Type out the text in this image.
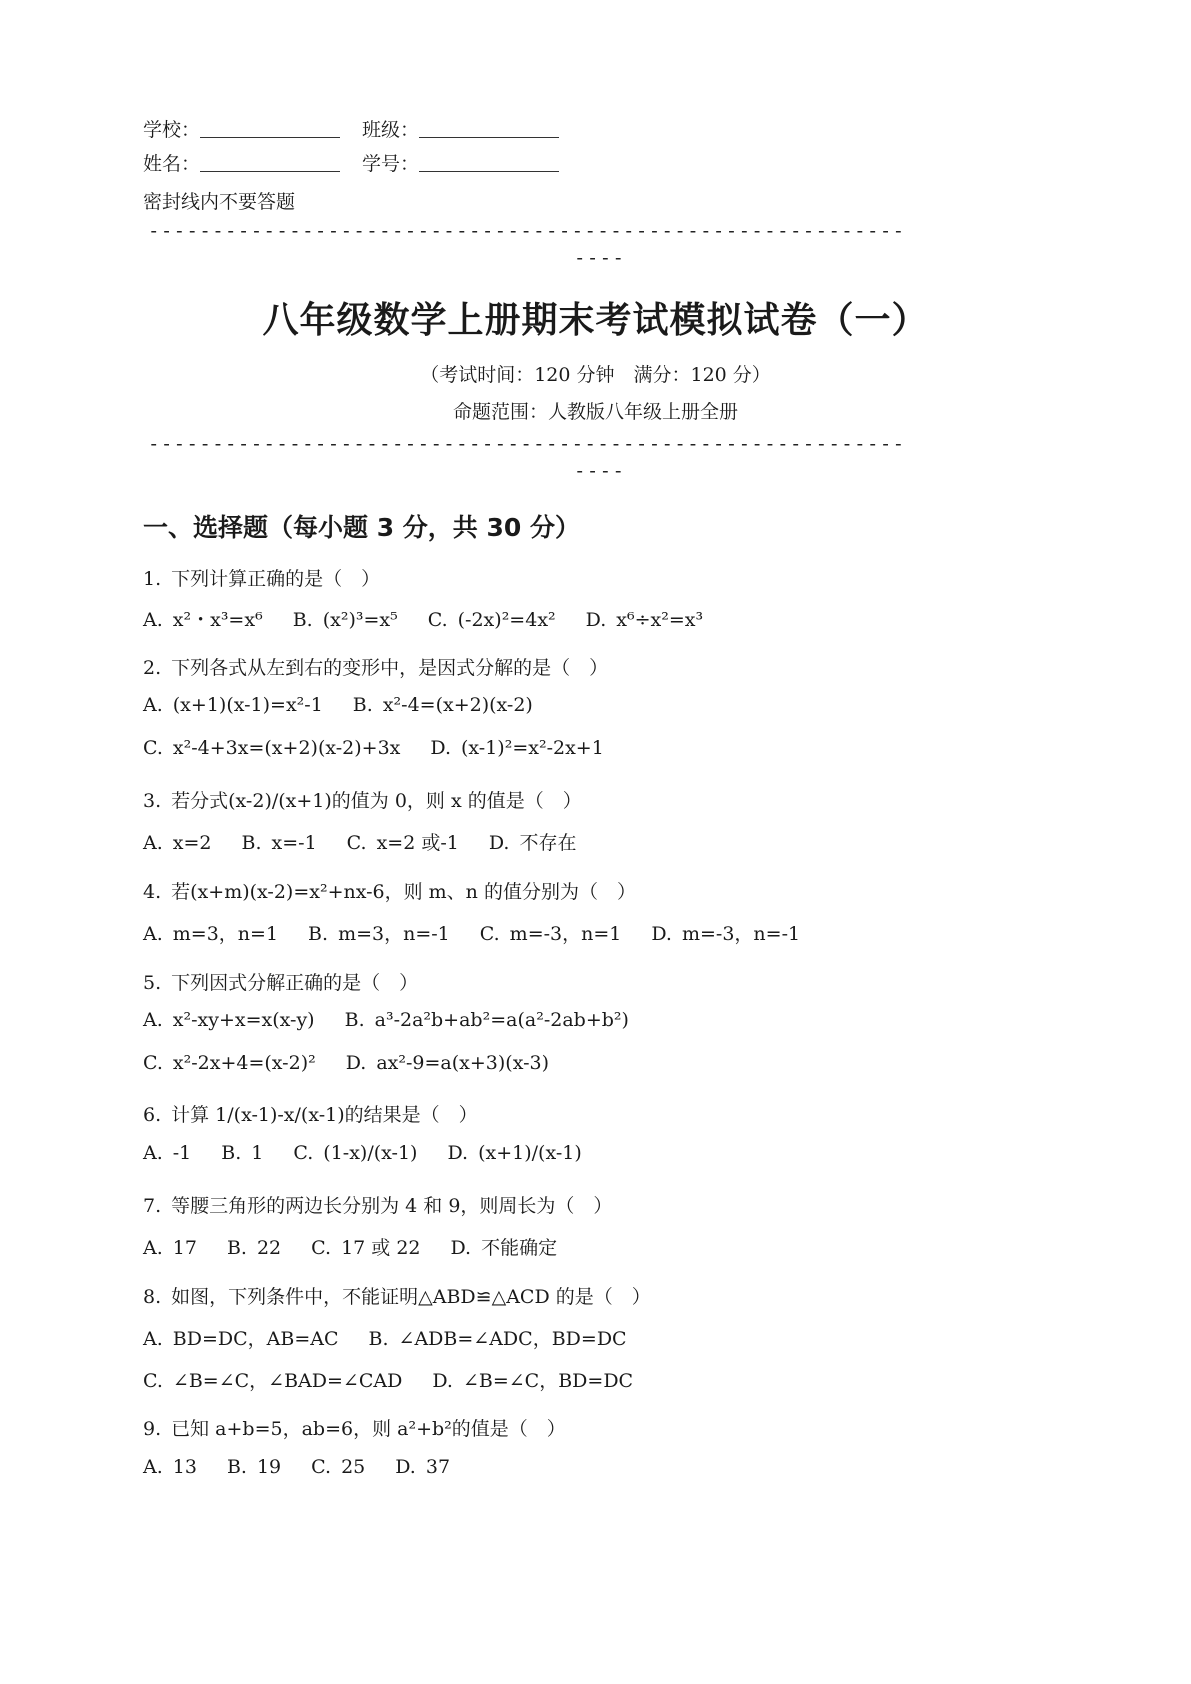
学校：	班级：
姓名：	学号：
密封线内不要答题
-----------------------------------------------------------
----
八年级数学上册期末考试模拟试卷（一）
（考试时间：120 分钟　满分：120 分）
命题范围：人教版八年级上册全册
-----------------------------------------------------------
----
一、选择题（每小题 3 分，共 30 分）
1. 下列计算正确的是（　）
A. x²・x³=x⁶ B. (x²)³=x⁵ C. (-2x)²=4x² D. x⁶÷x²=x³
2. 下列各式从左到右的变形中，是因式分解的是（　）
A. (x+1)(x-1)=x²-1 B. x²-4=(x+2)(x-2)
C. x²-4+3x=(x+2)(x-2)+3x D. (x-1)²=x²-2x+1
3. 若分式(x-2)/(x+1)的值为 0，则 x 的值是（　）
A. x=2 B. x=-1 C. x=2 或-1 D. 不存在
4. 若(x+m)(x-2)=x²+nx-6，则 m、n 的值分别为（　）
A. m=3，n=1 B. m=3，n=-1 C. m=-3，n=1 D. m=-3，n=-1
5. 下列因式分解正确的是（　）
A. x²-xy+x=x(x-y) B. a³-2a²b+ab²=a(a²-2ab+b²)
C. x²-2x+4=(x-2)² D. ax²-9=a(x+3)(x-3)
6. 计算 1/(x-1)-x/(x-1)的结果是（　）
A. -1 B. 1 C. (1-x)/(x-1) D. (x+1)/(x-1)
7. 等腰三角形的两边长分别为 4 和 9，则周长为（　）
A. 17 B. 22 C. 17 或 22 D. 不能确定
8. 如图，下列条件中，不能证明△ABD≌△ACD 的是（　）
A. BD=DC，AB=AC B. ∠ADB=∠ADC，BD=DC
C. ∠B=∠C，∠BAD=∠CAD D. ∠B=∠C，BD=DC
9. 已知 a+b=5，ab=6，则 a²+b²的值是（　）
A. 13 B. 19 C. 25 D. 37
